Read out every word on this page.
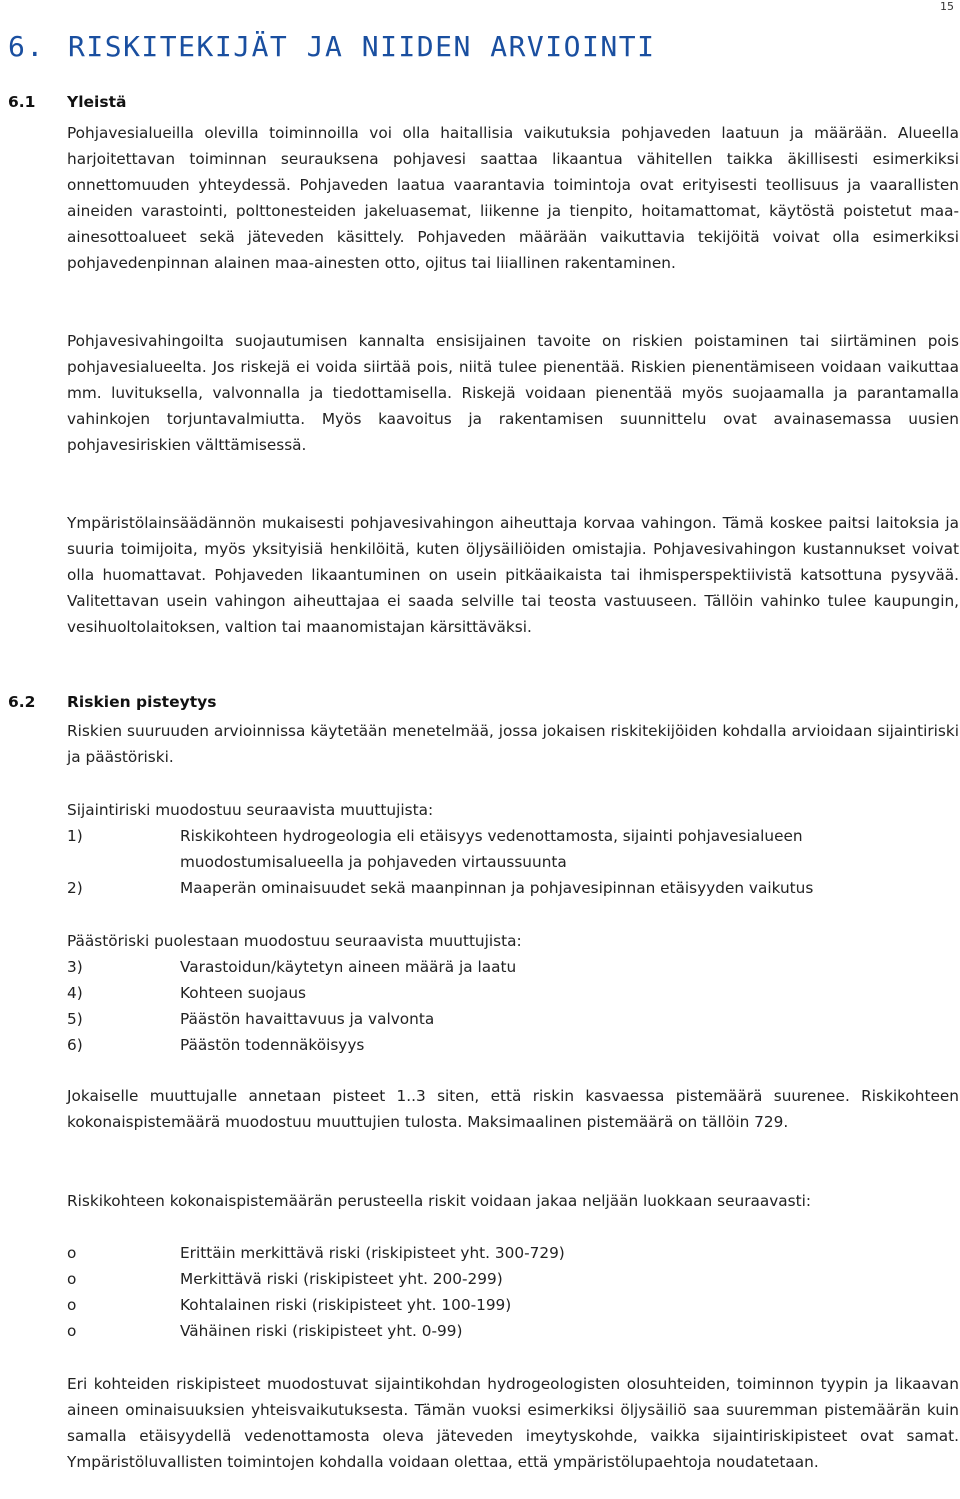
15
6. RISKITEKIJÄT JA NIIDEN ARVIOINTI
6.1 Yleistä

Pohjavesialueilla olevilla toiminnoilla voi olla haitallisia vaikutuksia pohjaveden laatuun ja määrään. Alueella harjoitettavan toiminnan seurauksena pohjavesi saattaa likaantua vähitellen taikka äkillisesti esimerkiksi onnettomuuden yhteydessä. Pohjaveden laatua vaarantavia toimintoja ovat erityisesti teollisuus ja vaarallisten aineiden varastointi, polttonesteiden jakeluasemat, liikenne ja tienpito, hoitamattomat, käytöstä poistetut maa-ainesottoalueet sekä jäteveden käsittely. Pohjaveden määrään vaikuttavia tekijöitä voivat olla esimerkiksi pohjavedenpinnan alainen maa-ainesten otto, ojitus tai liiallinen rakentaminen.

Pohjavesivahingoilta suojautumisen kannalta ensisijainen tavoite on riskien poistaminen tai siirtäminen pois pohjavesialueelta. Jos riskejä ei voida siirtää pois, niitä tulee pienentää. Riskien pienentämiseen voidaan vaikuttaa mm. luvituksella, valvonnalla ja tiedottamisella. Riskejä voidaan pienentää myös suojaamalla ja parantamalla vahinkojen torjuntavalmiutta. Myös kaavoitus ja rakentamisen suunnittelu ovat avainasemassa uusien pohjavesiriskien välttämisessä.

Ympäristölainsäädännön mukaisesti pohjavesivahingon aiheuttaja korvaa vahingon. Tämä koskee paitsi laitoksia ja suuria toimijoita, myös yksityisiä henkilöitä, kuten öljysäiliöiden omistajia. Pohjavesivahingon kustannukset voivat olla huomattavat. Pohjaveden likaantuminen on usein pitkäaikaista tai ihmisperspektiivistä katsottuna pysyvää. Valitettavan usein vahingon aiheuttajaa ei saada selville tai teosta vastuuseen. Tällöin vahinko tulee kaupungin, vesihuoltolaitoksen, valtion tai maanomistajan kärsittäväksi.

6.2 Riskien pisteytys

Riskien suuruuden arvioinnissa käytetään menetelmää, jossa jokaisen riskitekijöiden kohdalla arvioidaan sijaintiriski ja päästöriski.

Sijaintiriski muodostuu seuraavista muuttujista:
1)	Riskikohteen hydrogeologia eli etäisyys vedenottamosta, sijainti pohjavesialueen
muodostumisalueella ja pohjaveden virtaussuunta
2)	Maaperän ominaisuudet sekä maanpinnan ja pohjavesipinnan etäisyyden vaikutus
Päästöriski puolestaan muodostuu seuraavista muuttujista:
3)	Varastoidun/käytetyn aineen määrä ja laatu
4)	Kohteen suojaus
5)	Päästön havaittavuus ja valvonta
6)	Päästön todennäköisyys

Jokaiselle muuttujalle annetaan pisteet 1..3 siten, että riskin kasvaessa pistemäärä suurenee. Riskikohteen kokonaispistemäärä muodostuu muuttujien tulosta. Maksimaalinen pistemäärä on tällöin 729.

Riskikohteen kokonaispistemäärän perusteella riskit voidaan jakaa neljään luokkaan seuraavasti:
o	Erittäin merkittävä riski (riskipisteet yht. 300-729)
o	Merkittävä riski (riskipisteet yht. 200-299)
o	Kohtalainen riski (riskipisteet yht. 100-199)
o	Vähäinen riski (riskipisteet yht. 0-99)

Eri kohteiden riskipisteet muodostuvat sijaintikohdan hydrogeologisten olosuhteiden, toiminnon tyypin ja likaavan aineen ominaisuuksien yhteisvaikutuksesta. Tämän vuoksi esimerkiksi öljysäiliö saa suuremman pistemäärän kuin samalla etäisyydellä vedenottamosta oleva jäteveden imeytyskohde, vaikka sijaintiriskipisteet ovat samat. Ympäristöluvallisten toimintojen kohdalla voidaan olettaa, että ympäristölupaehtoja noudatetaan.
